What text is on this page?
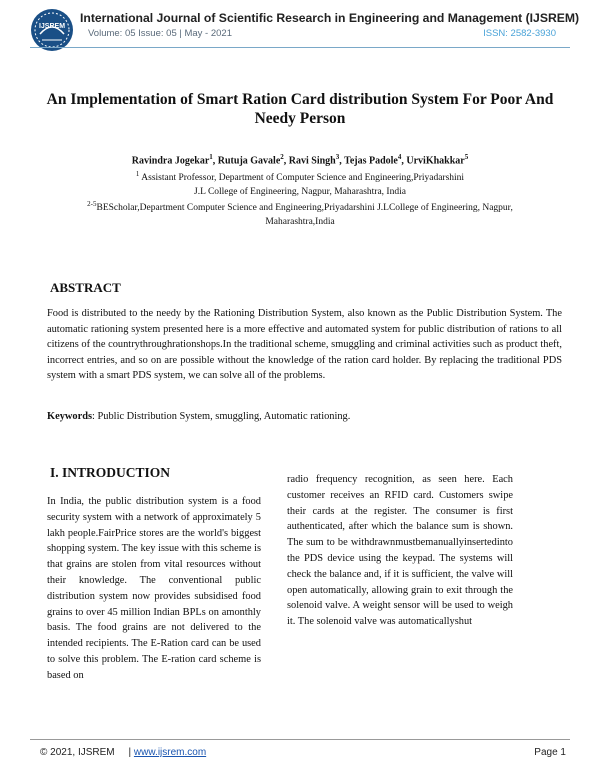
IJSREM
International Journal of Scientific Research in Engineering and Management (IJSREM)
Volume: 05 Issue: 05 | May - 2021	ISSN: 2582-3930
An Implementation of Smart Ration Card distribution System For Poor And Needy Person
Ravindra Jogekar$^1$, Rutuja Gavale$^2$, Ravi Singh$^3$, Tejas Padole$^4$, UrviKhakkar$^5$
$^1$ Assistant Professor, Department of Computer Science and Engineering,Priyadarshini
J.L College of Engineering, Nagpur, Maharashtra, India
$^{2-5}$BEScholar,Department Computer Science and Engineering,Priyadarshini J.LCollege of Engineering, Nagpur,
Maharashtra,India
ABSTRACT
Food is distributed to the needy by the Rationing Distribution System, also known as the Public Distribution System. The automatic rationing system presented here is a more effective and automated system for public distribution of rations to all citizens of the countrythroughrationshops.In the traditional scheme, smuggling and criminal activities such as product theft, incorrect entries, and so on are possible without the knowledge of the ration card holder. By replacing the traditional PDS system with a smart PDS system, we can solve all of the problems.
Keywords: Public Distribution System, smuggling, Automatic rationing.
I. INTRODUCTION
In India, the public distribution system is a food security system with a network of approximately 5 lakh people.FairPrice stores are the world's biggest shopping system. The key issue with this scheme is that grains are stolen from vital resources without their knowledge. The conventional public distribution system now provides subsidised food grains to over 45 million Indian BPLs on amonthly basis. The food grains are not delivered to the intended recipients. The E-Ration card can be used to solve this problem. The E-ration card scheme is based on
radio frequency recognition, as seen here. Each customer receives an RFID card. Customers swipe their cards at the register. The consumer is first authenticated, after which the balance sum is shown. The sum to be withdrawnmustbemanuallyinsertedinto the PDS device using the keypad. The systems will check the balance and, if it is sufficient, the valve will open automatically, allowing grain to exit through the solenoid valve. A weight sensor will be used to weigh it. The solenoid valve was automaticallyshut
© 2021, IJSREM | www.ijsrem.com	Page 1
